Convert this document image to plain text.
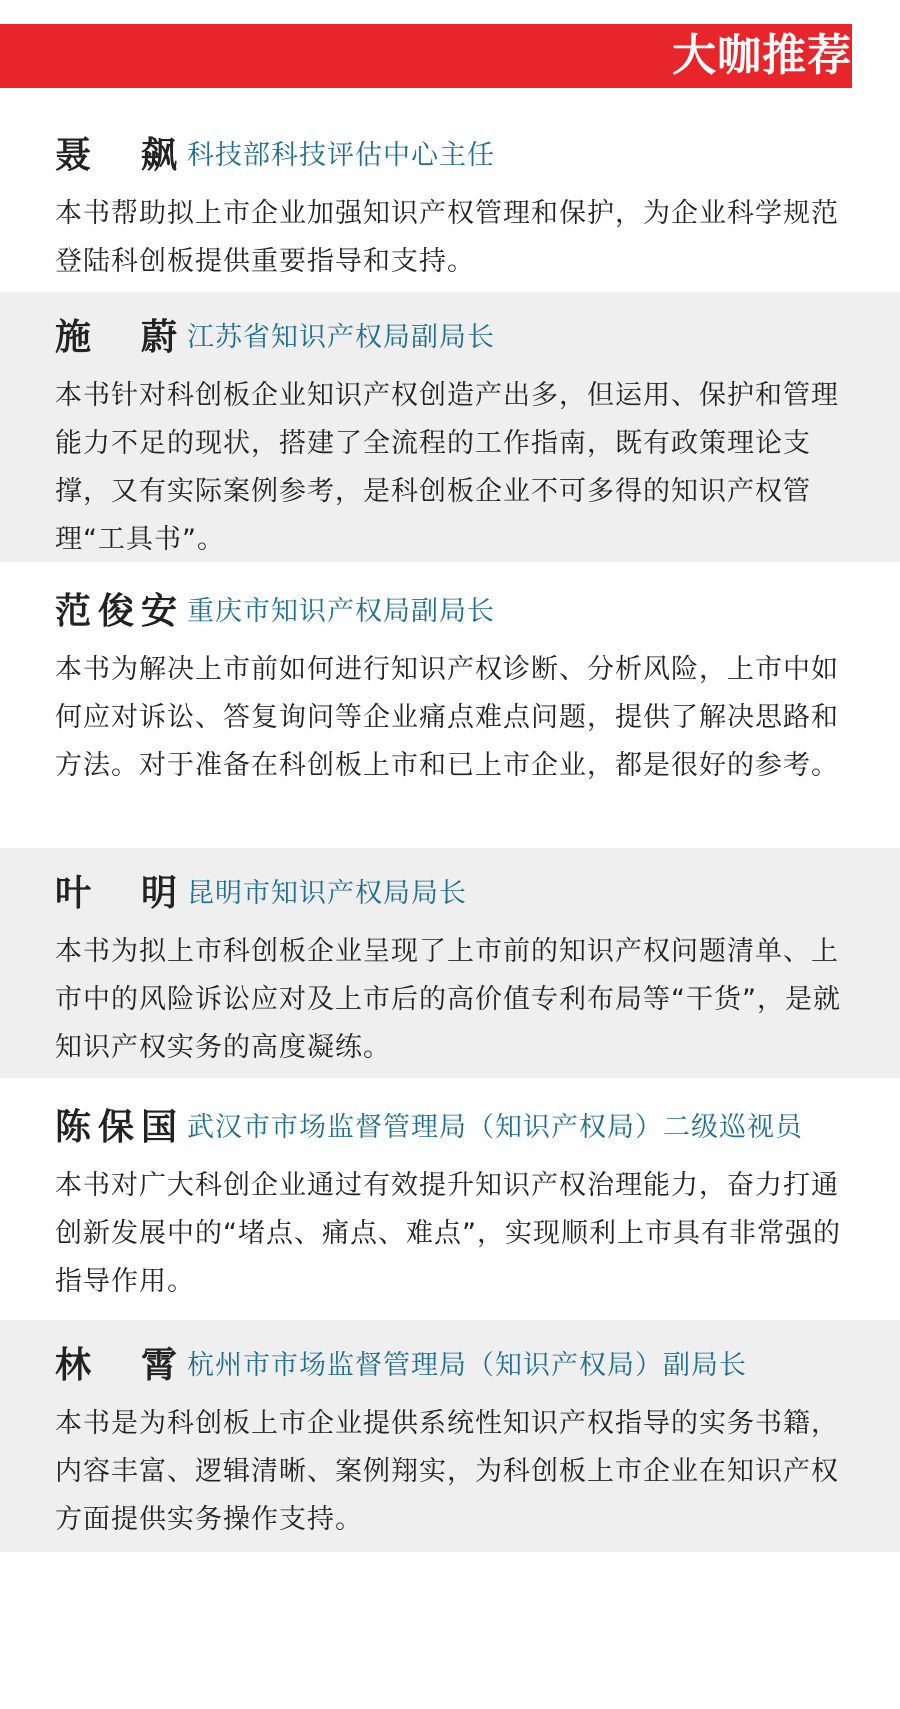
大咖推荐
聂 飙 科技部科技评估中心主任
本书帮助拟上市企业加强知识产权管理和保护，为企业科学规范登陆科创板提供重要指导和支持。
施 蔚 江苏省知识产权局副局长
本书针对科创板企业知识产权创造产出多，但运用、保护和管理能力不足的现状，搭建了全流程的工作指南，既有政策理论支撑，又有实际案例参考，是科创板企业不可多得的知识产权管理“工具书”。
范 俊 安 重庆市知识产权局副局长
本书为解决上市前如何进行知识产权诊断、分析风险，上市中如何应对诉讼、答复询问等企业痛点难点问题，提供了解决思路和方法。对于准备在科创板上市和已上市企业，都是很好的参考。
叶 明 昆明市知识产权局局长
本书为拟上市科创板企业呈现了上市前的知识产权问题清单、上市中的风险诉讼应对及上市后的高价值专利布局等“干货”，是就知识产权实务的高度凝练。
陈 保 国 武汉市市场监督管理局（知识产权局）二级巡视员
本书对广大科创企业通过有效提升知识产权治理能力，奋力打通创新发展中的“堵点、痛点、难点”，实现顺利上市具有非常强的指导作用。
林 霄 杭州市市场监督管理局（知识产权局）副局长
本书是为科创板上市企业提供系统性知识产权指导的实务书籍，内容丰富、逻辑清晰、案例翔实，为科创板上市企业在知识产权方面提供实务操作支持。
